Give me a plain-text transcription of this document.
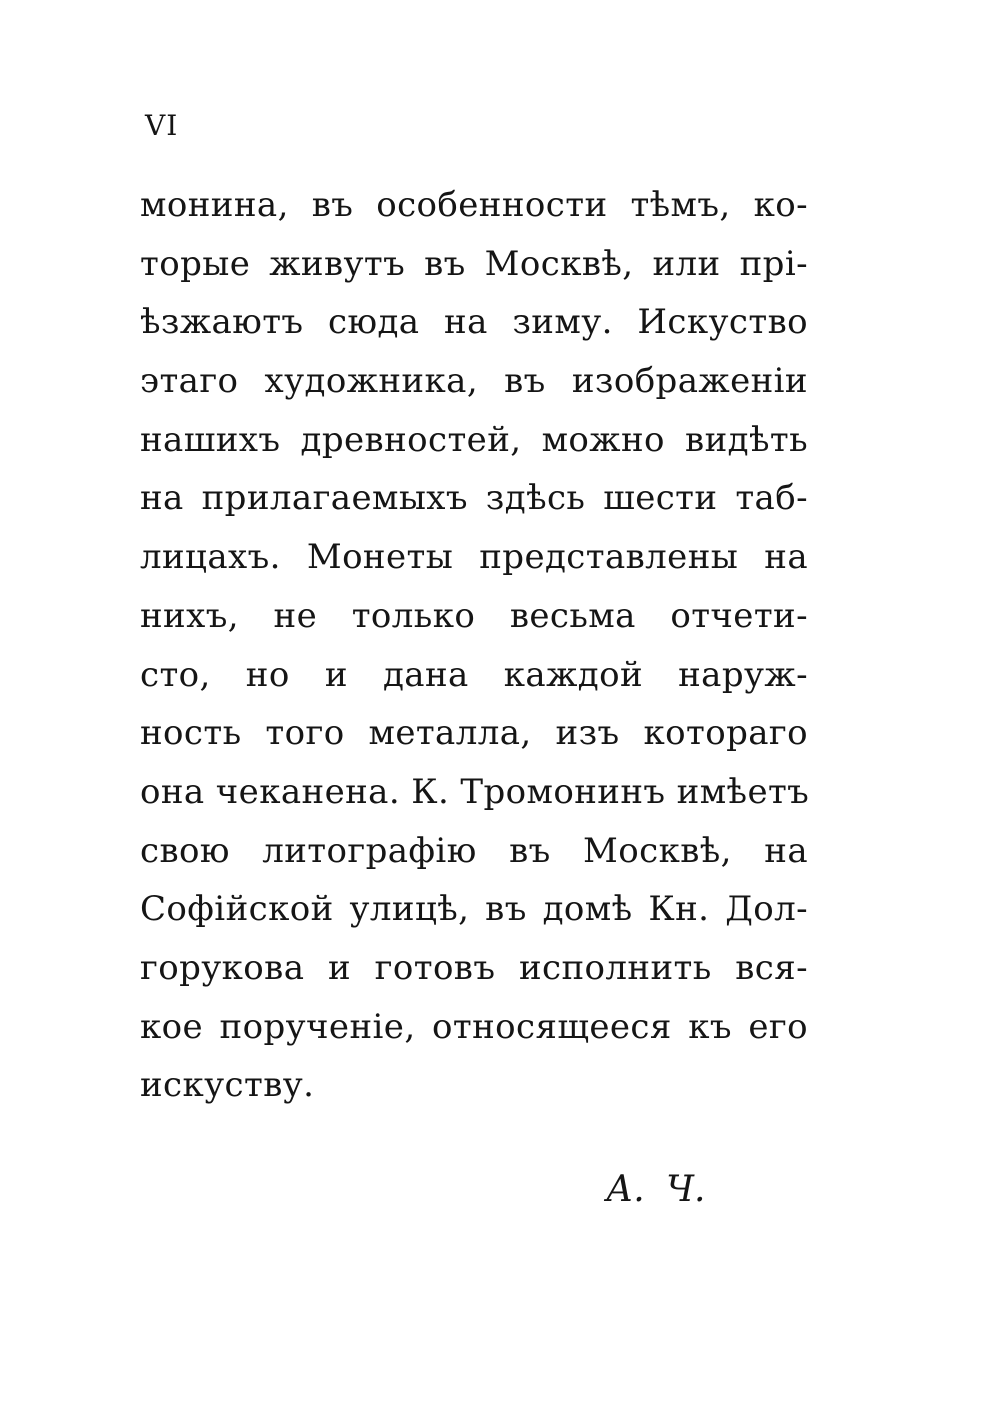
VI
монина, въ особенности тѣмъ, ко-
торые живутъ въ Москвѣ, или прі-
ѣзжаютъ сюда на зиму. Искуство
этаго художника, въ изображеніи
нашихъ древностей, можно видѣть
на прилагаемыхъ здѣсь шести таб-
лицахъ. Монеты представлены на
нихъ, не только весьма отчети-
сто, но и дана каждой наруж-
ность того металла, изъ котораго
она чеканена. К. Тромонинъ имѣетъ
свою литографію въ Москвѣ, на
Софійской улицѣ, въ домѣ Кн. Дол-
горукова и готовъ исполнить вся-
кое порученіе, относящееся къ его
искуству.
А. Ч.
